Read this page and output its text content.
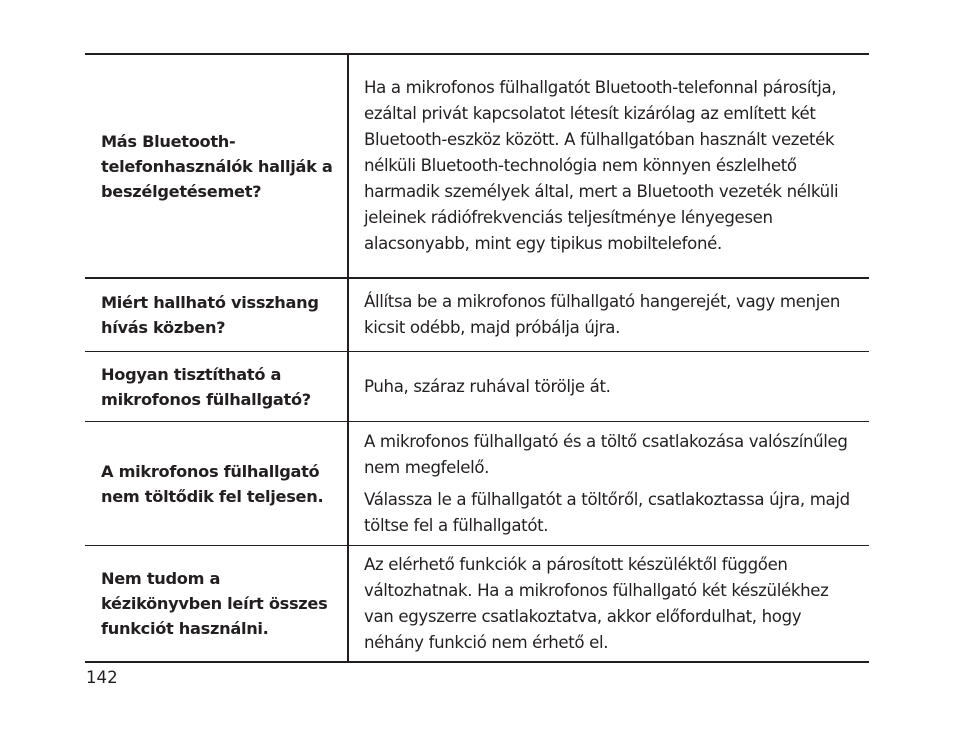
Más Bluetooth-telefonhasználók hallják a beszélgetésemet?

Ha a mikrofonos fülhallgatót Bluetooth-telefonnal párosítja, ezáltal privát kapcsolatot létesít kizárólag az említett két Bluetooth-eszköz között. A fülhallgatóban használt vezeték nélküli Bluetooth-technológia nem könnyen észlelhető harmadik személyek által, mert a Bluetooth vezeték nélküli jeleinek rádiófrekvenciás teljesítménye lényegesen alacsonyabb, mint egy tipikus mobiltelefoné.

Miért hallható visszhang hívás közben?

Állítsa be a mikrofonos fülhallgató hangerejét, vagy menjen kicsit odébb, majd próbálja újra.

Hogyan tisztítható a mikrofonos fülhallgató?

Puha, száraz ruhával törölje át.

A mikrofonos fülhallgató nem töltődik fel teljesen.

A mikrofonos fülhallgató és a töltő csatlakozása valószínűleg nem megfelelő.

Válassza le a fülhallgatót a töltőről, csatlakoztassa újra, majd töltse fel a fülhallgatót.

Nem tudom a kézikönyvben leírt összes funkciót használni.

Az elérhető funkciók a párosított készüléktől függően változhatnak. Ha a mikrofonos fülhallgató két készülékhez van egyszerre csatlakoztatva, akkor előfordulhat, hogy néhány funkció nem érhető el.

142
